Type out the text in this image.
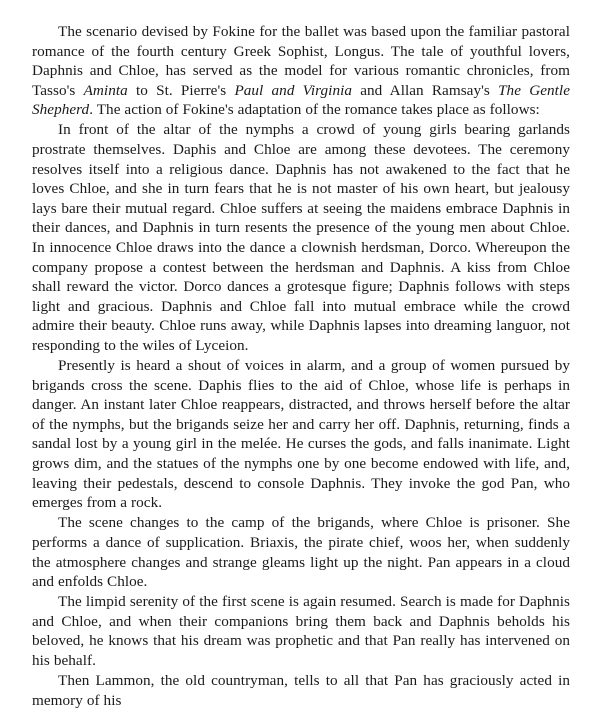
The scenario devised by Fokine for the ballet was based upon the familiar pastoral romance of the fourth century Greek Sophist, Longus. The tale of youthful lovers, Daphnis and Chloe, has served as the model for various romantic chronicles, from Tasso's Aminta to St. Pierre's Paul and Virginia and Allan Ramsay's The Gentle Shepherd. The action of Fokine's adaptation of the romance takes place as follows:

In front of the altar of the nymphs a crowd of young girls bearing garlands prostrate themselves. Daphis and Chloe are among these devotees. The ceremony resolves itself into a religious dance. Daphnis has not awakened to the fact that he loves Chloe, and she in turn fears that he is not master of his own heart, but jealousy lays bare their mutual regard. Chloe suffers at seeing the maidens embrace Daphnis in their dances, and Daphnis in turn resents the presence of the young men about Chloe. In innocence Chloe draws into the dance a clownish herdsman, Dorco. Whereupon the company propose a contest between the herdsman and Daphnis. A kiss from Chloe shall reward the victor. Dorco dances a grotesque figure; Daphnis follows with steps light and gracious. Daphnis and Chloe fall into mutual embrace while the crowd admire their beauty. Chloe runs away, while Daphnis lapses into dreaming languor, not responding to the wiles of Lyceion.

Presently is heard a shout of voices in alarm, and a group of women pursued by brigands cross the scene. Daphis flies to the aid of Chloe, whose life is perhaps in danger. An instant later Chloe reappears, distracted, and throws herself before the altar of the nymphs, but the brigands seize her and carry her off. Daphnis, returning, finds a sandal lost by a young girl in the melée. He curses the gods, and falls inanimate. Light grows dim, and the statues of the nymphs one by one become endowed with life, and, leaving their pedestals, descend to console Daphnis. They invoke the god Pan, who emerges from a rock.

The scene changes to the camp of the brigands, where Chloe is prisoner. She performs a dance of supplication. Briaxis, the pirate chief, woos her, when suddenly the atmosphere changes and strange gleams light up the night. Pan appears in a cloud and enfolds Chloe.

The limpid serenity of the first scene is again resumed. Search is made for Daphnis and Chloe, and when their companions bring them back and Daphnis beholds his beloved, he knows that his dream was prophetic and that Pan really has intervened on his behalf.

Then Lammon, the old countryman, tells to all that Pan has graciously acted in memory of his
